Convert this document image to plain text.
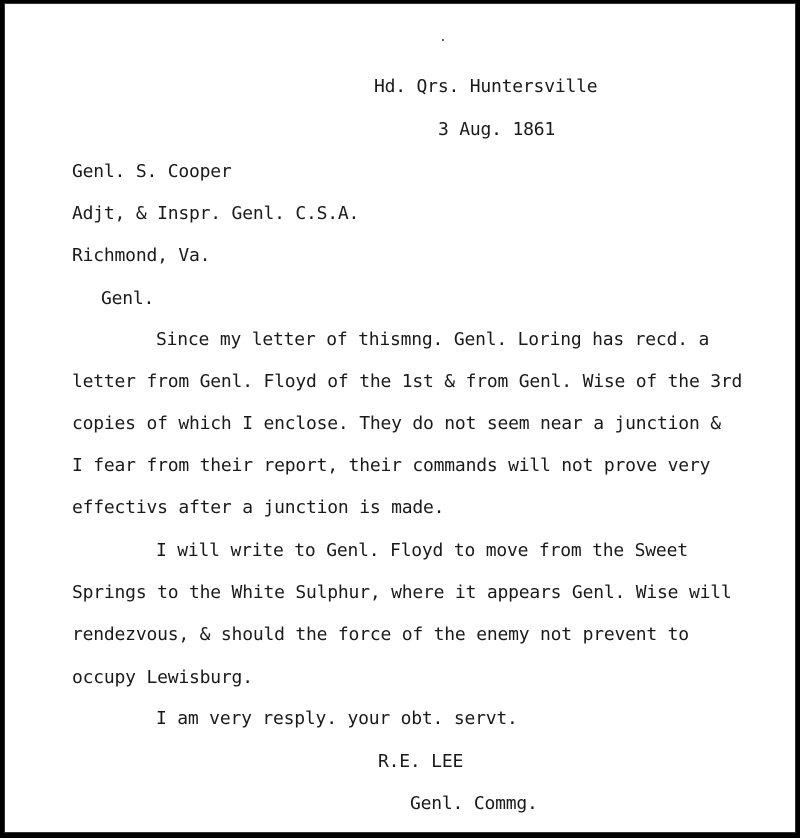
Hd. Qrs. Huntersville
3 Aug. 1861
Genl. S. Cooper
Adjt, & Inspr. Genl. C.S.A.
Richmond, Va.
Genl.
Since my letter of thismng. Genl. Loring has recd. a
letter from Genl. Floyd of the 1st & from Genl. Wise of the 3rd
copies of which I enclose. They do not seem near a junction &
I fear from their report, their commands will not prove very
effectivs after a junction is made.
I will write to Genl. Floyd to move from the Sweet
Springs to the White Sulphur, where it appears Genl. Wise will
rendezvous, & should the force of the enemy not prevent to
occupy Lewisburg.
I am very resply. your obt. servt.
R.E. LEE
Genl. Commg.
